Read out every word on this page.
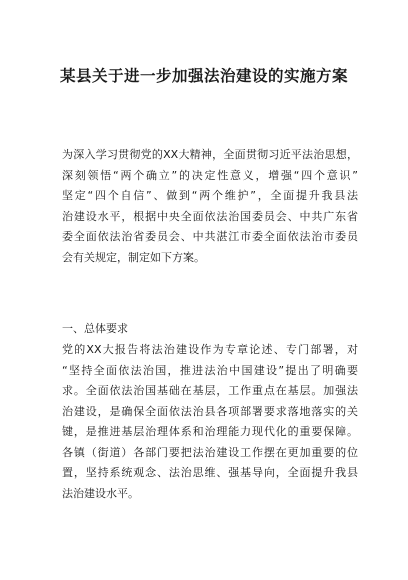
某县关于进一步加强法治建设的实施方案
为深入学习贯彻党的XX大精神，全面贯彻习近平法治思想，
深刻领悟“两个确立”的决定性意义，增强“四个意识”
坚定“四个自信”、做到“两个维护”，全面提升我县法
治建设水平，根据中央全面依法治国委员会、中共广东省
委全面依法治省委员会、中共湛江市委全面依法治市委员
会有关规定，制定如下方案。
一、总体要求
党的XX大报告将法治建设作为专章论述、专门部署，对
“坚持全面依法治国，推进法治中国建设”提出了明确要
求。全面依法治国基础在基层，工作重点在基层。加强法
治建设，是确保全面依法治县各项部署要求落地落实的关
键，是推进基层治理体系和治理能力现代化的重要保障。
各镇（街道）各部门要把法治建设工作摆在更加重要的位
置，坚持系统观念、法治思维、强基导向，全面提升我县
法治建设水平。
